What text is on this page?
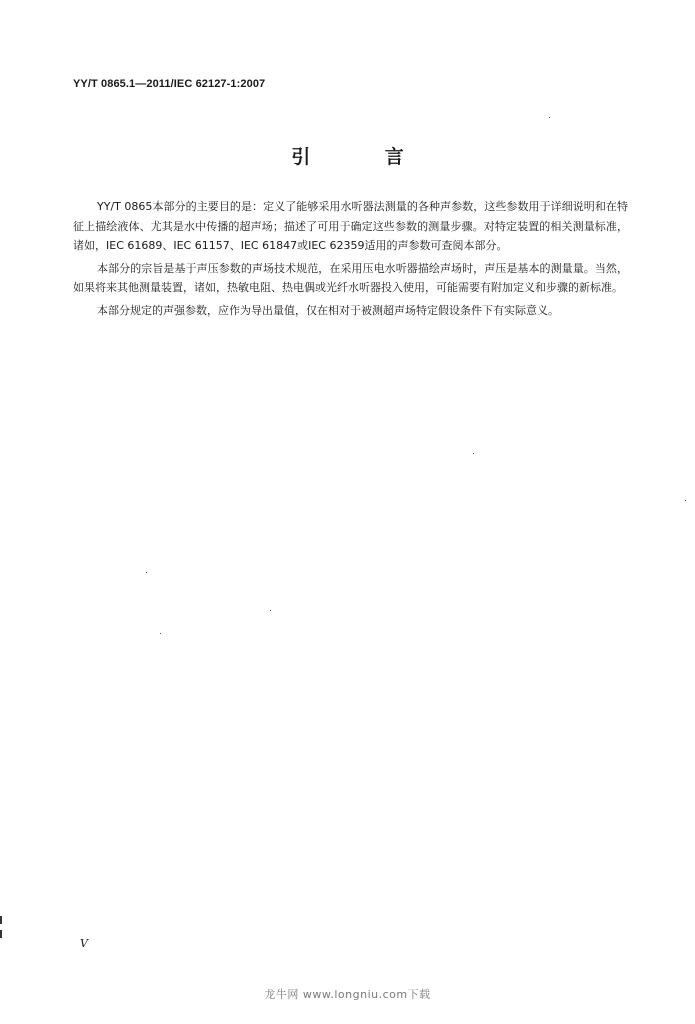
YY/T 0865.1—2011/IEC 62127-1:2007
引 言

YY/T 0865本部分的主要目的是：定义了能够采用水听器法测量的各种声参数，这些参数用于详细说明和在特征上描绘液体、尤其是水中传播的超声场；描述了可用于确定这些参数的测量步骤。对特定装置的相关测量标准，诸如，IEC 61689、IEC 61157、IEC 61847或IEC 62359适用的声参数可查阅本部分。

本部分的宗旨是基于声压参数的声场技术规范，在采用压电水听器描绘声场时，声压是基本的测量量。当然，如果将来其他测量装置，诸如，热敏电阻、热电偶或光纤水听器投入使用，可能需要有附加定义和步骤的新标准。

本部分规定的声强参数，应作为导出量值，仅在相对于被测超声场特定假设条件下有实际意义。

Ⅴ
龙牛网 www.longniu.com下载
